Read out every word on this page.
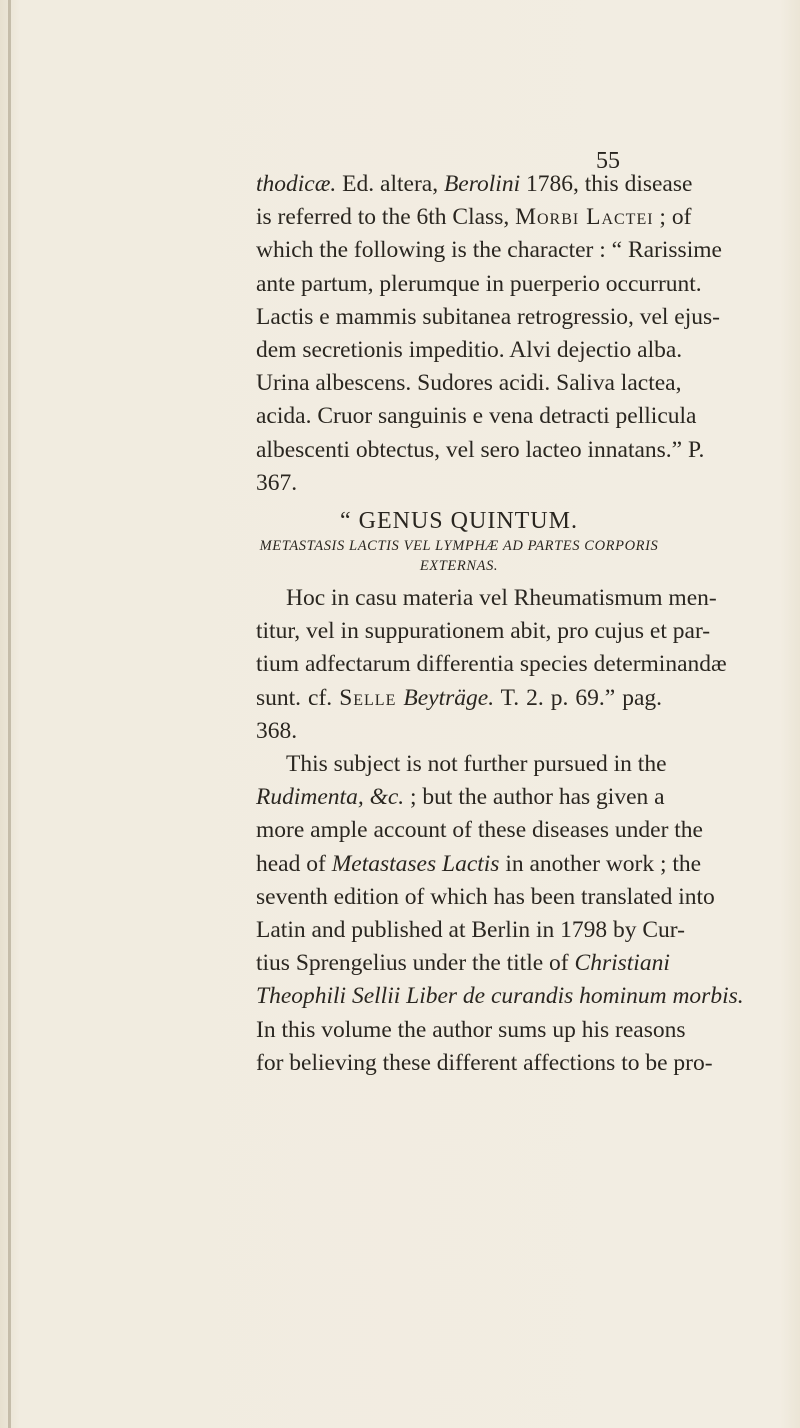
55
thodicæ. Ed. altera, Berolini 1786, this disease
is referred to the 6th Class, Morbi Lactei ; of
which the following is the character : “ Rarissime
ante partum, plerumque in puerperio occurrunt.
Lactis e mammis subitanea retrogressio, vel ejus-
dem secretionis impeditio. Alvi dejectio alba.
Urina albescens. Sudores acidi. Saliva lactea,
acida. Cruor sanguinis e vena detracti pellicula
albescenti obtectus, vel sero lacteo innatans.” P.
367.
“ GENUS QUINTUM.
METASTASIS LACTIS VEL LYMPHÆ AD PARTES CORPORIS
EXTERNAS.
Hoc in casu materia vel Rheumatismum men-
titur, vel in suppurationem abit, pro cujus et par-
tium adfectarum differentia species determinandæ
sunt. cf. Selle Beyträge. T. 2. p. 69.” pag.
368.
This subject is not further pursued in the
Rudimenta, &c. ; but the author has given a
more ample account of these diseases under the
head of Metastases Lactis in another work ; the
seventh edition of which has been translated into
Latin and published at Berlin in 1798 by Cur-
tius Sprengelius under the title of Christiani
Theophili Sellii Liber de curandis hominum morbis.
In this volume the author sums up his reasons
for believing these different affections to be pro-
